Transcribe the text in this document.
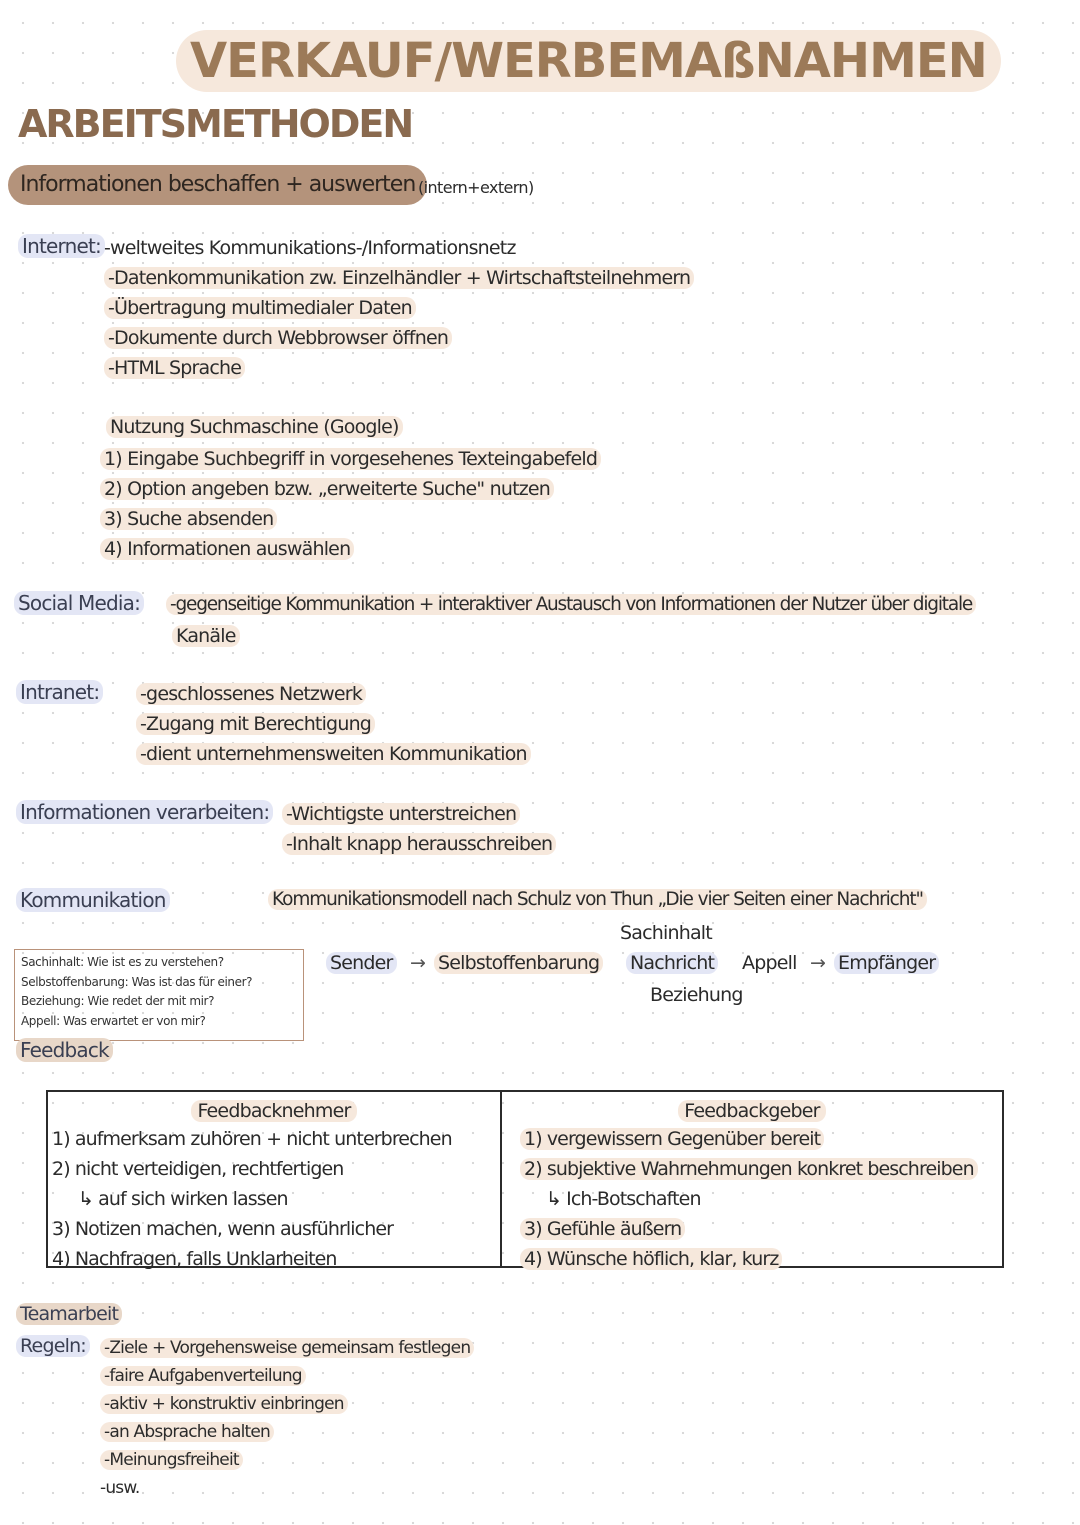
VERKAUF/WERBEMAßNAHMEN
ARBEITSMETHODEN
Informationen beschaffen + auswerten (intern+extern)
Internet: -weltweites Kommunikations-/Informationsnetz
-Datenkommunikation zw. Einzelhändler + Wirtschaftsteilnehmern
-Übertragung multimedialer Daten
-Dokumente durch Webbrowser öffnen
-HTML Sprache
Nutzung Suchmaschine (Google)
1) Eingabe Suchbegriff in vorgesehenes Texteingabefeld
2) Option angeben bzw. „erweiterte Suche" nutzen
3) Suche absenden
4) Informationen auswählen
Social Media: -gegenseitige Kommunikation + interaktiver Austausch von Informationen der Nutzer über digitale
Kanäle
Intranet: -geschlossenes Netzwerk
-Zugang mit Berechtigung
-dient unternehmensweiten Kommunikation
Informationen verarbeiten: -Wichtigste unterstreichen
-Inhalt knapp herausschreiben
Kommunikation	Kommunikationsmodell nach Schulz von Thun „Die vier Seiten einer Nachricht"
Sachinhalt
Sender → Selbstoffenbarung Nachricht Appell → Empfänger
Beziehung
Sachinhalt: Wie ist es zu verstehen?
Selbstoffenbarung: Was ist das für einer?
Beziehung: Wie redet der mit mir?
Appell: Was erwartet er von mir?
Feedback
Feedbacknehmer
1) aufmerksam zuhören + nicht unterbrechen
2) nicht verteidigen, rechtfertigen
↳ auf sich wirken lassen
3) Notizen machen, wenn ausführlicher
4) Nachfragen, falls Unklarheiten
Feedbackgeber
1) vergewissern Gegenüber bereit
2) subjektive Wahrnehmungen konkret beschreiben
↳ Ich-Botschaften
3) Gefühle äußern
4) Wünsche höflich, klar, kurz
Teamarbeit
Regeln: -Ziele + Vorgehensweise gemeinsam festlegen
-faire Aufgabenverteilung
-aktiv + konstruktiv einbringen
-an Absprache halten
-Meinungsfreiheit
-usw.
